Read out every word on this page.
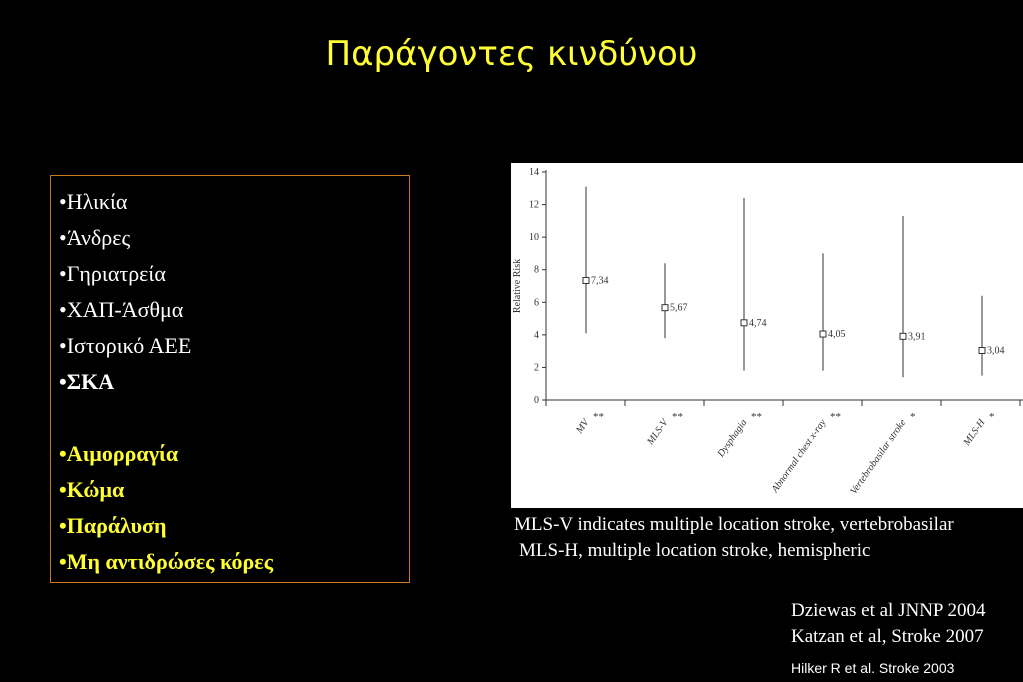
Παράγοντες κινδύνου
•Ηλικία
•Άνδρες
•Γηριατρεία
•ΧΑΠ-Άσθμα
•Ιστορικό ΑΕΕ
•ΣΚΑ
•Αιμορραγία
•Κώμα
•Παράλυση
•Μη αντιδρώσες κόρες
0
2
4
6
8
10
12
14
Relative Risk	7,34
5,67
4,74
4,05	3,91
3,04
MV
**
MLS-V
**
Dysphagia
**
Abnormal chest x-ray
**
Vertebrobasilar stroke
*
MLS-H
*
MLS-V indicates multiple location stroke, vertebrobasilar
MLS-H, multiple location stroke, hemispheric
Dziewas et al JNNP 2004
Katzan et al, Stroke 2007
Hilker R et al. Stroke 2003
